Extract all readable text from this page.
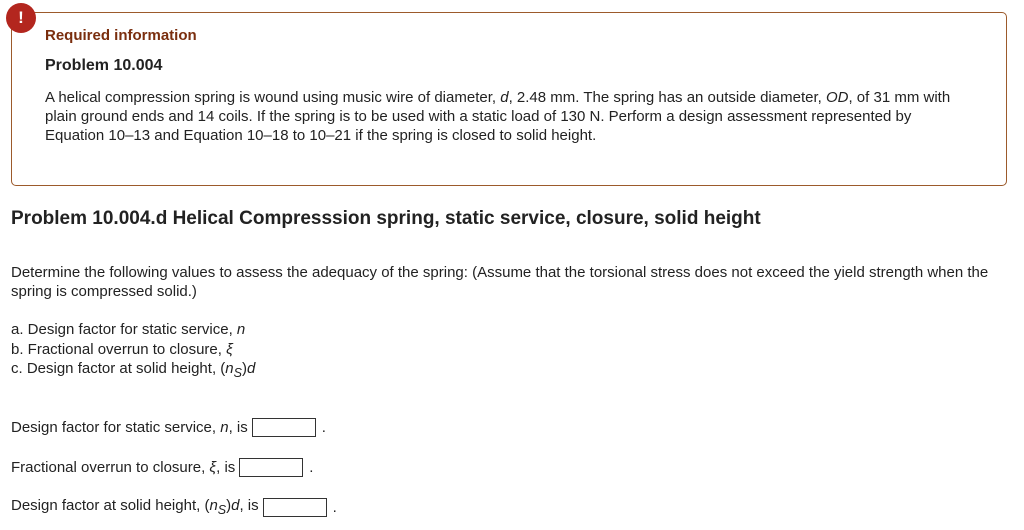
!
Required information
Problem 10.004
A helical compression spring is wound using music wire of diameter, d, 2.48 mm. The spring has an outside diameter, OD, of 31 mm with plain ground ends and 14 coils. If the spring is to be used with a static load of 130 N. Perform a design assessment represented by Equation 10–13 and Equation 10–18 to 10–21 if the spring is closed to solid height.
Problem 10.004.d Helical Compresssion spring, static service, closure, solid height
Determine the following values to assess the adequacy of the spring: (Assume that the torsional stress does not exceed the yield strength when the spring is compressed solid.)
a. Design factor for static service, n
b. Fractional overrun to closure, ξ
c. Design factor at solid height, $(n_S)d$
Design factor for static service, n, is	.
Fractional overrun to closure, ξ, is	.
Design factor at solid height, $(n_S)d$, is	.
